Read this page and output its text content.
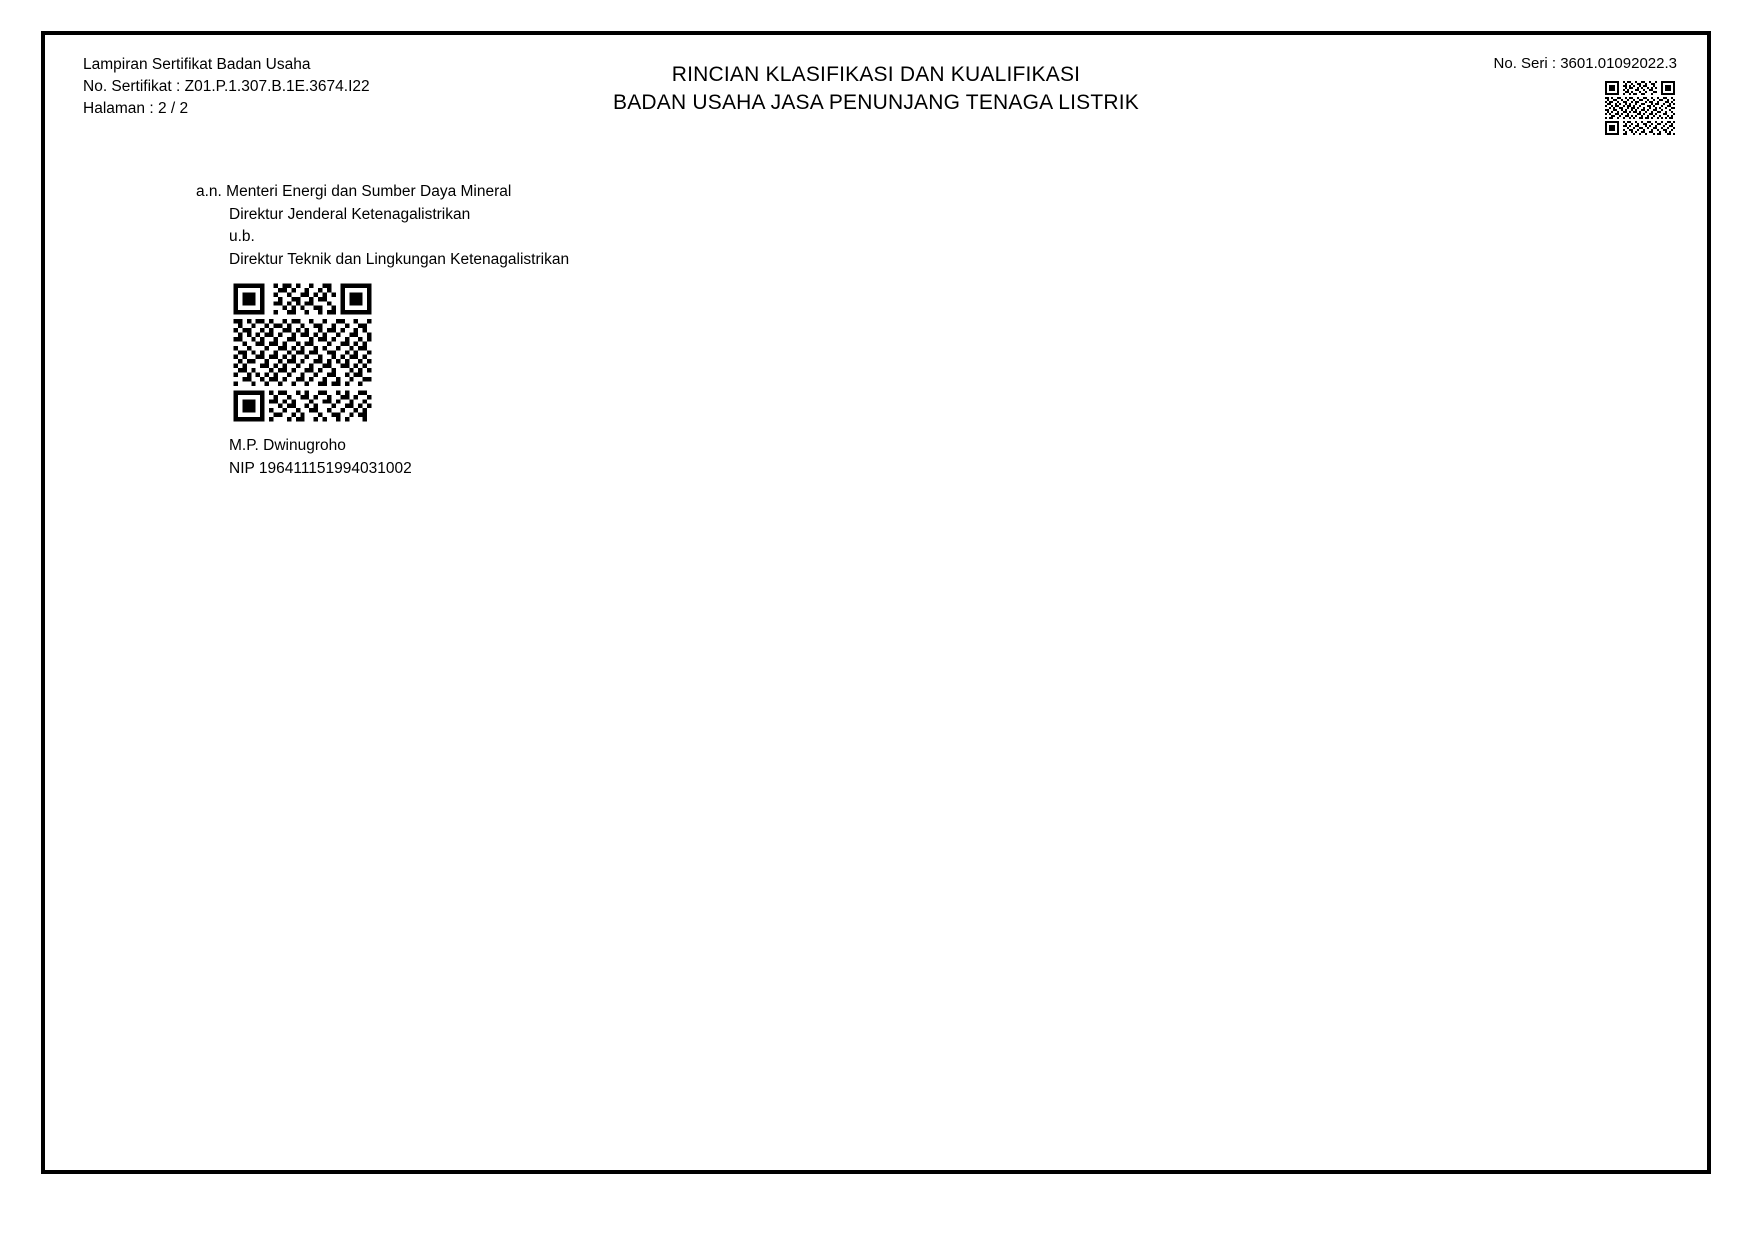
Lampiran Sertifikat Badan Usaha
No. Sertifikat : Z01.P.1.307.B.1E.3674.I22
Halaman : 2 / 2
RINCIAN KLASIFIKASI DAN KUALIFIKASI
BADAN USAHA JASA PENUNJANG TENAGA LISTRIK
No. Seri : 3601.01092022.3
a.n. Menteri Energi dan Sumber Daya Mineral
Direktur Jenderal Ketenagalistrikan
u.b.
Direktur Teknik dan Lingkungan Ketenagalistrikan
M.P. Dwinugroho
NIP 196411151994031002
